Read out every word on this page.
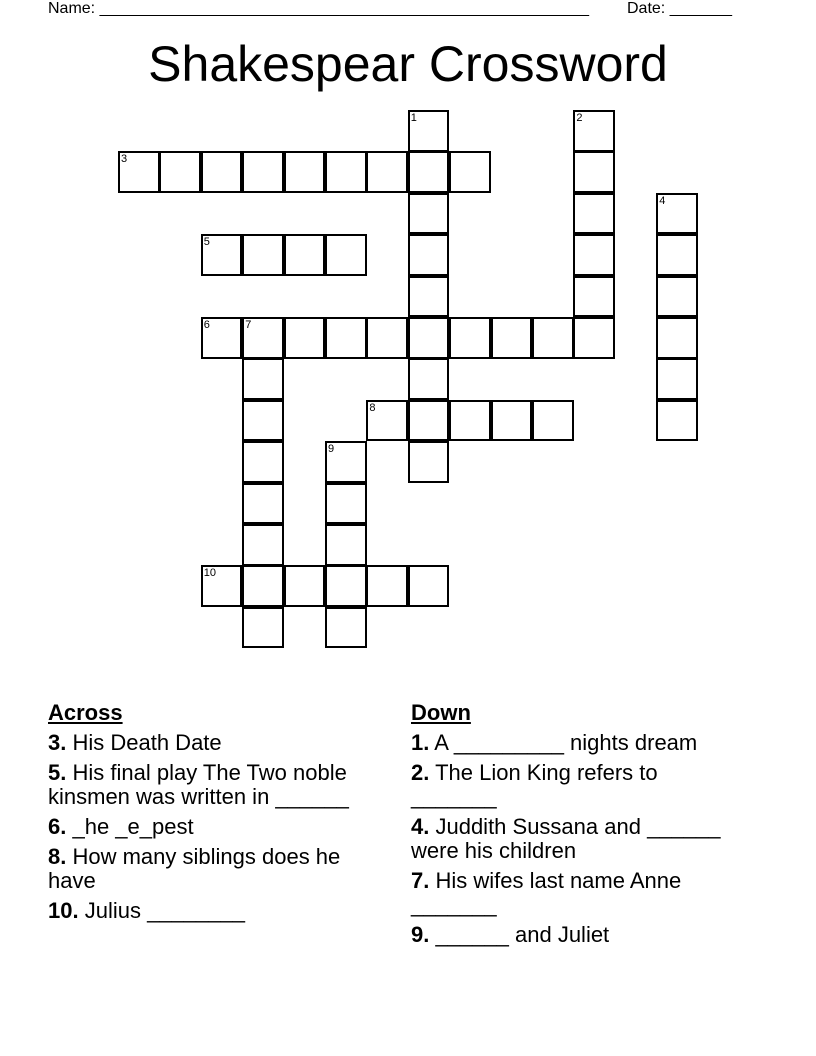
Name: _______________________________________________________ Date: _______
Shakespear Crossword
1	2
3
4
5
6	7
8
9
10
Across
3. His Death Date
5. His final play The Two noble kinsmen was written in ______
6. _he _e_pest
8. How many siblings does he have
10. Julius ________
Down
1. A _________ nights dream
2. The Lion King refers to _______
4. Juddith Sussana and ______ were his children
7. His wifes last name Anne _______
9. ______ and Juliet
